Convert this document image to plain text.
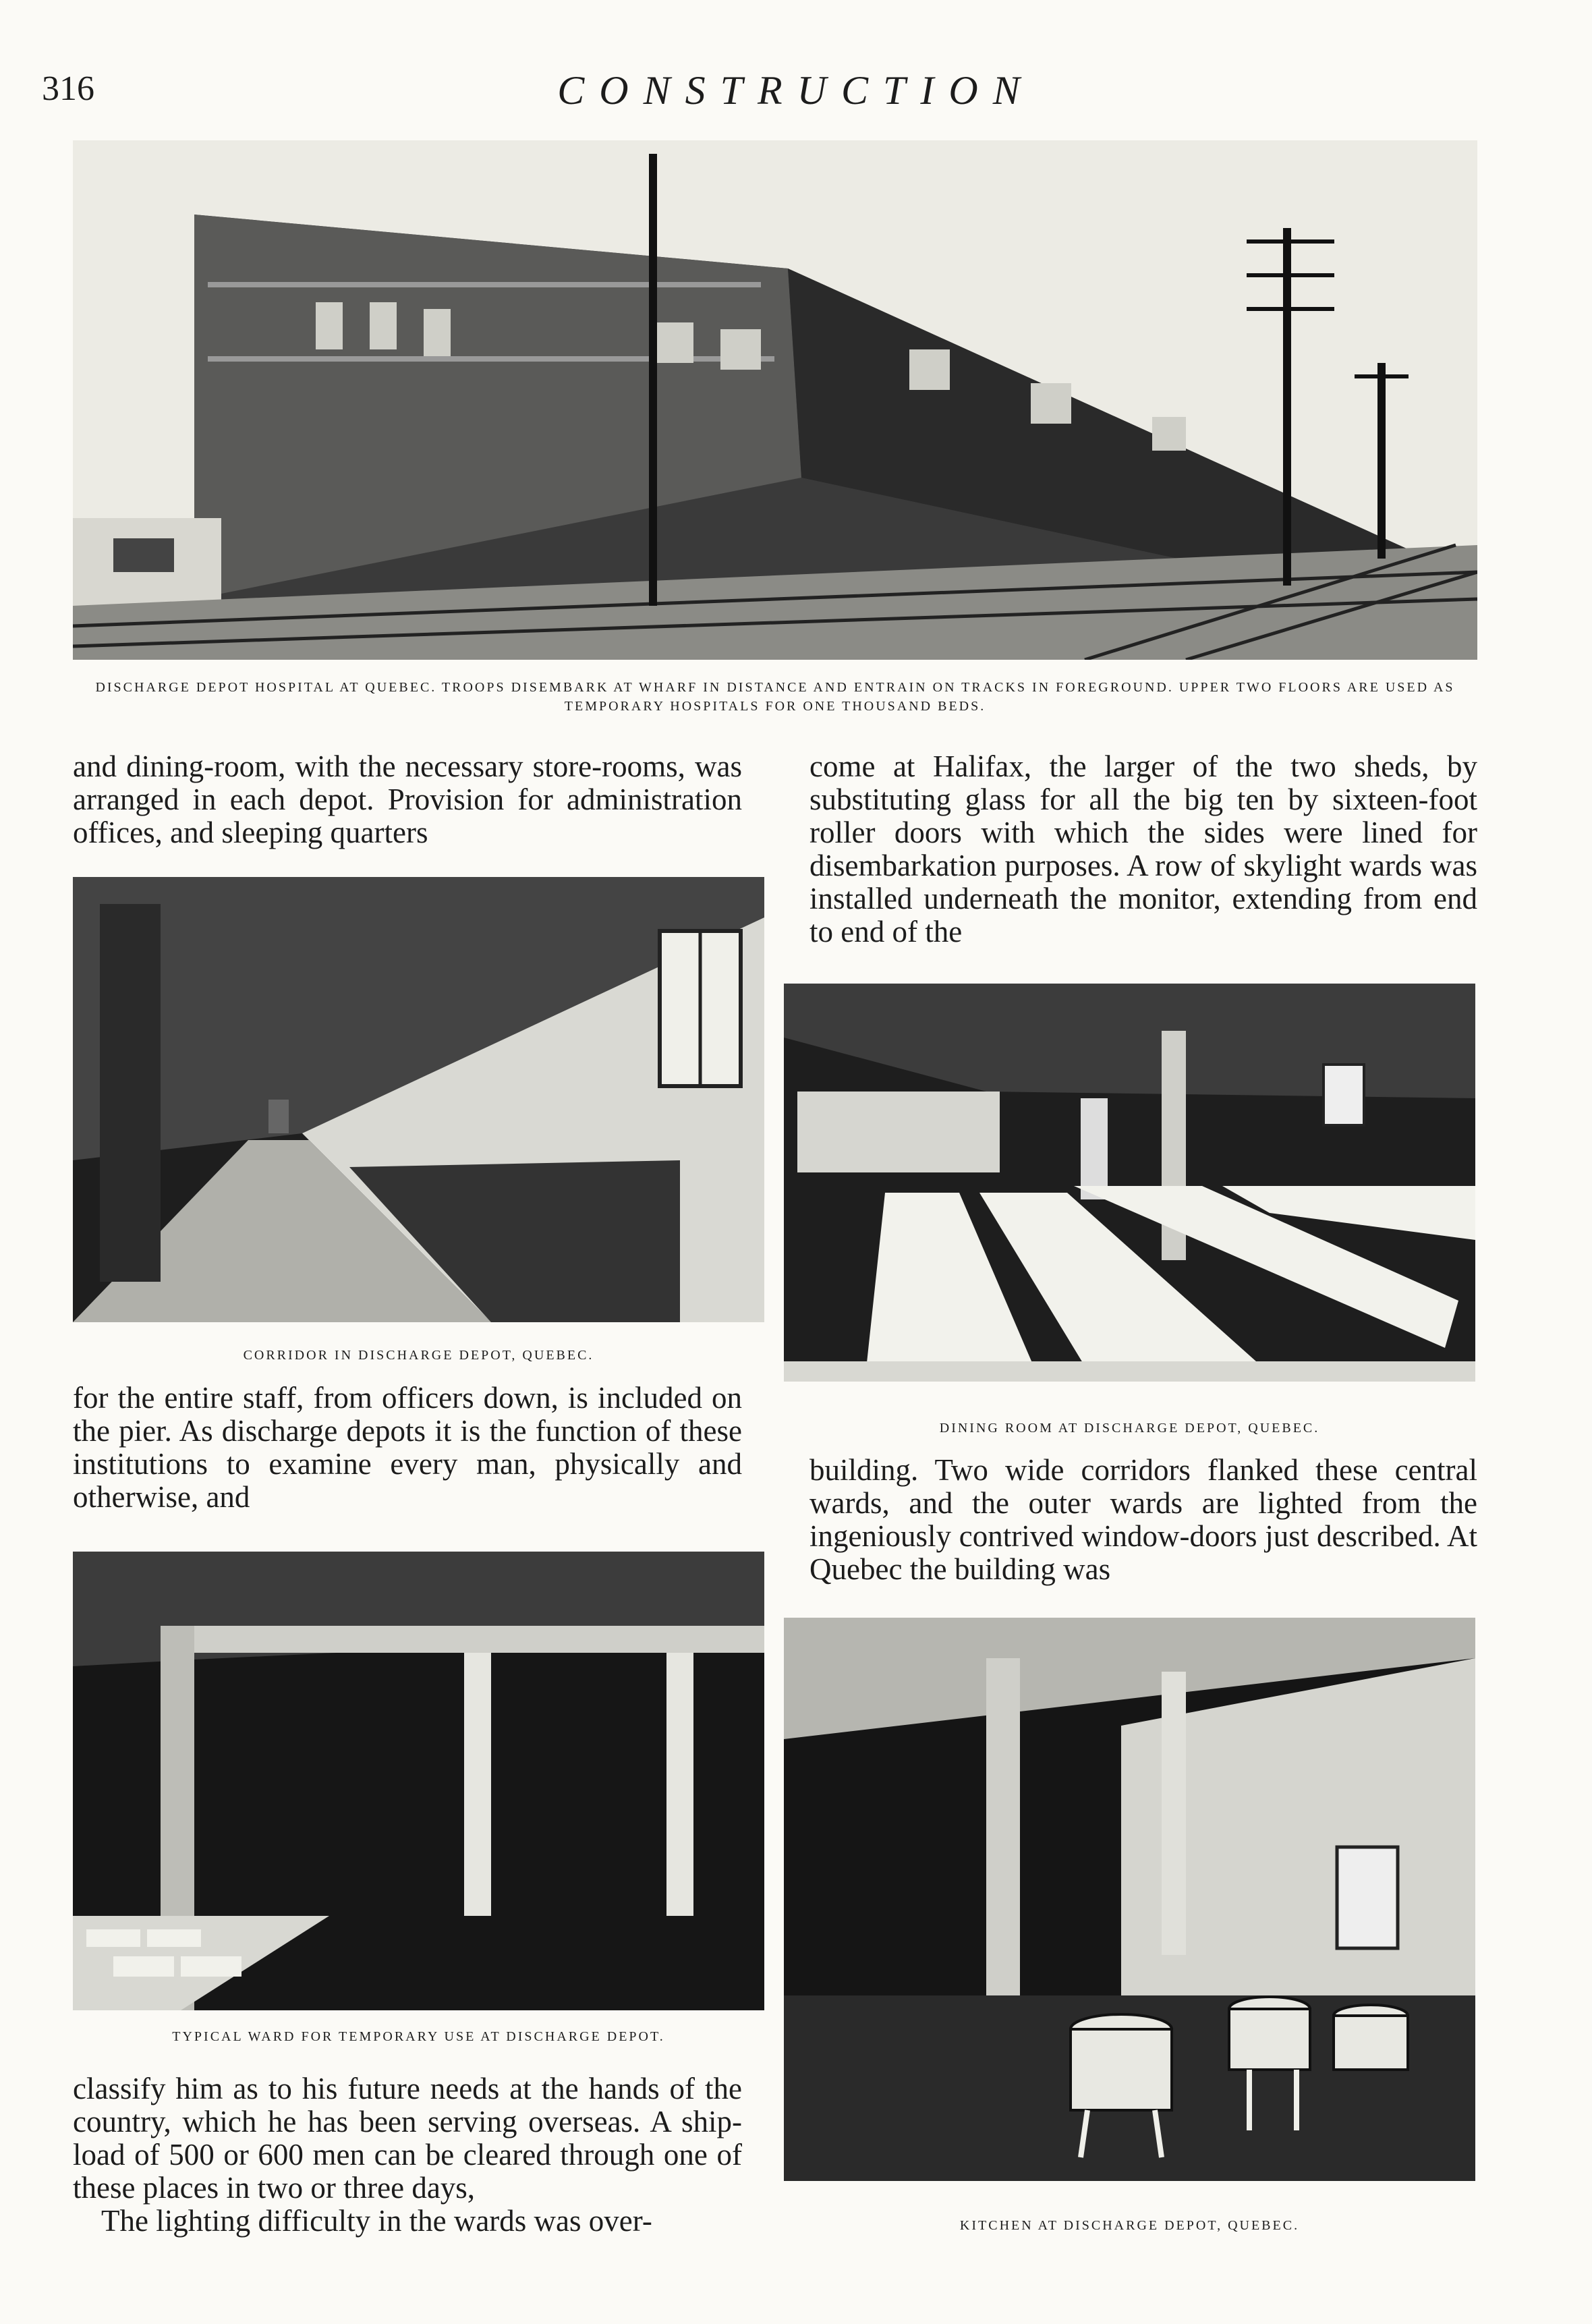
316	CONSTRUCTION
DISCHARGE DEPOT HOSPITAL AT QUEBEC. TROOPS DISEMBARK AT WHARF IN DISTANCE AND ENTRAIN ON TRACKS IN FOREGROUND. UPPER TWO FLOORS ARE USED AS TEMPORARY HOSPITALS FOR ONE THOUSAND BEDS.
and dining-room, with the necessary store-rooms, was arranged in each depot. Provision for administration offices, and sleeping quarters
CORRIDOR IN DISCHARGE DEPOT, QUEBEC.
for the entire staff, from officers down, is included on the pier. As discharge depots it is the function of these institutions to examine every man, physically and otherwise, and
TYPICAL WARD FOR TEMPORARY USE AT DISCHARGE DEPOT.
classify him as to his future needs at the hands of the country, which he has been serving overseas. A ship-load of 500 or 600 men can be cleared through one of these places in two or three days,
The lighting difficulty in the wards was over-
come at Halifax, the larger of the two sheds, by substituting glass for all the big ten by sixteen-foot roller doors with which the sides were lined for disembarkation purposes. A row of skylight wards was installed underneath the monitor, extending from end to end of the
DINING ROOM AT DISCHARGE DEPOT, QUEBEC.
building. Two wide corridors flanked these central wards, and the outer wards are lighted from the ingeniously contrived window-doors just described. At Quebec the building was
KITCHEN AT DISCHARGE DEPOT, QUEBEC.
